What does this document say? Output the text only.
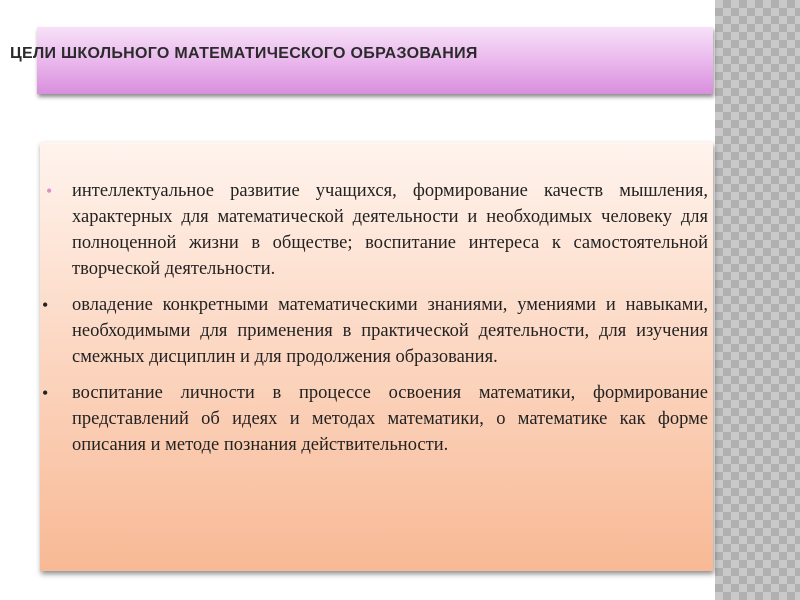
ЦЕЛИ ШКОЛЬНОГО МАТЕМАТИЧЕСКОГО ОБРАЗОВАНИЯ
• интеллектуальное развитие учащихся, формирование качеств мышления, характерных для математической деятельности и необходимых человеку для полноценной жизни в обществе; воспитание интереса к самостоятельной творческой деятельности.
• овладение конкретными математическими знаниями, умениями и навыками, необходимыми для применения в практической деятельности, для изучения смежных дисциплин и для продолжения образования.
• воспитание личности в процессе освоения математики, формирование представлений об идеях и методах математики, о математике как форме описания и методе познания действительности.
